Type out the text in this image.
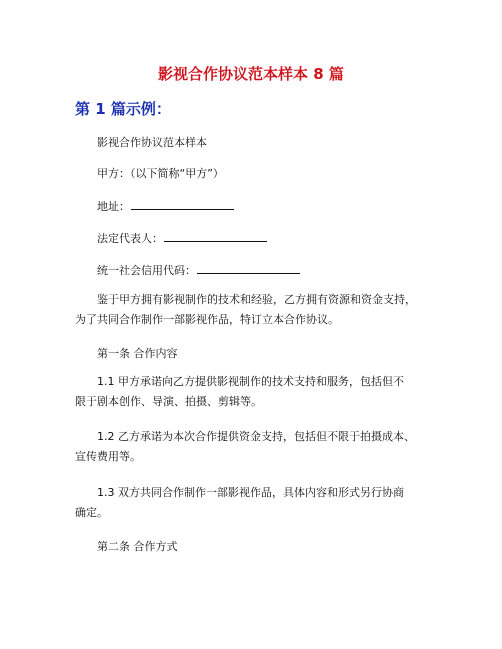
影视合作协议范本样本 8 篇
第 1 篇示例：
影视合作协议范本样本
甲方：（以下简称“甲方”）
地址：
法定代表人：
统一社会信用代码：
鉴于甲方拥有影视制作的技术和经验，乙方拥有资源和资金支持，
为了共同合作制作一部影视作品，特订立本合作协议。
第一条 合作内容
1.1 甲方承诺向乙方提供影视制作的技术支持和服务，包括但不
限于剧本创作、导演、拍摄、剪辑等。
1.2 乙方承诺为本次合作提供资金支持，包括但不限于拍摄成本、
宣传费用等。
1.3 双方共同合作制作一部影视作品，具体内容和形式另行协商
确定。
第二条 合作方式
